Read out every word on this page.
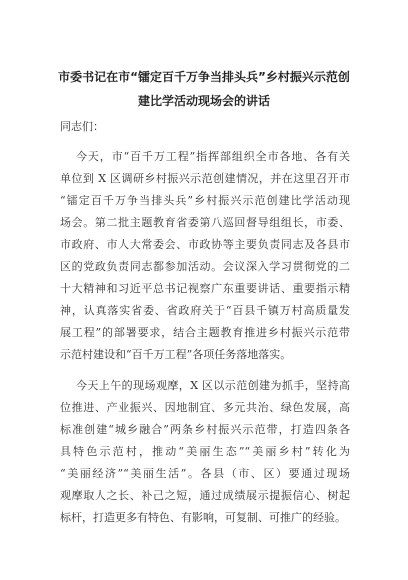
市委书记在市“镭定百千万争当排头兵”乡村振兴示范创
建比学活动现场会的讲话
同志们：
今天，市“百千万工程”指挥部组织全市各地、各有关
单位到 X 区调研乡村振兴示范创建情况，并在这里召开市
“镭定百千万争当排头兵”乡村振兴示范创建比学活动现
场会。第二批主题教育省委第八巡回督导组组长，市委、
市政府、市人大常委会、市政协等主要负责同志及各县市
区的党政负责同志都参加活动。会议深入学习贯彻党的二
十大精神和习近平总书记视察广东重要讲话、重要指示精
神，认真落实省委、省政府关于“百县千镇万村高质量发
展工程”的部署要求，结合主题教育推进乡村振兴示范带
示范村建设和“百千万工程”各项任务落地落实。
今天上午的现场观摩，X 区以示范创建为抓手，坚持高
位推进、产业振兴、因地制宜、多元共治、绿色发展，高
标准创建“城乡融合”两条乡村振兴示范带，打造四条各
具特色示范村，推动“美丽生态”“美丽乡村”转化为
“美丽经济”“美丽生活”。各县（市、区）要通过现场
观摩取人之长、补己之短，通过成绩展示提振信心、树起
标杆，打造更多有特色、有影响，可复制、可推广的经验。
